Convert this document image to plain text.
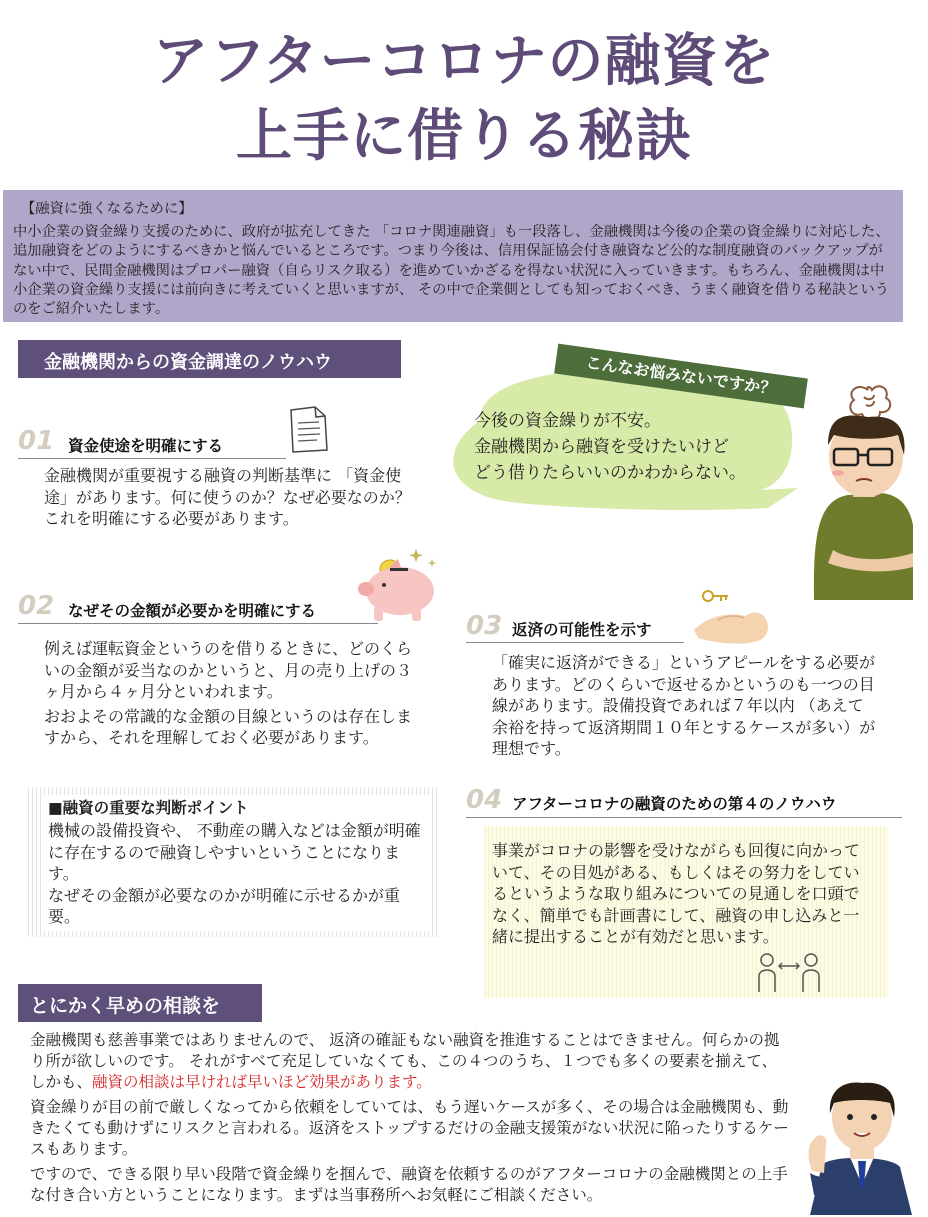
アフターコロナの融資を
上手に借りる秘訣
【融資に強くなるために】

中小企業の資金繰り支援のために、政府が拡充してきた 「コロナ関連融資」も一段落し、金融機関は今後の企業の資金繰りに対応した、追加融資をどのようにするべきかと悩んでいるところです。つまり今後は、信用保証協会付き融資など公的な制度融資のバックアップがない中で、民間金融機関はプロパー融資（自らリスク取る）を進めていかざるを得ない状況に入っていきます。もちろん、金融機関は中小企業の資金繰り支援には前向きに考えていくと思いますが、 その中で企業側としても知っておくべき、うまく融資を借りる秘訣というのをご紹介いたします。

金融機関からの資金調達のノウハウ	こんなお悩みないですか？
今後の資金繰りが不安。
金融機関から融資を受けたいけど
どう借りたらいいのかわからない。
01 資金使途を明確にする
金融機関が重要視する融資の判断基準に 「資金使途」があります。何に使うのか？なぜ必要なのか？これを明確にする必要があります。
02 なぜその金額が必要かを明確にする

例えば運転資金というのを借りるときに、どのくらいの金額が妥当なのかというと、月の売り上げの３ヶ月から４ヶ月分といわれます。

おおよその常識的な金額の目線というのは存在しますから、それを理解しておく必要があります。

03 返済の可能性を示す
「確実に返済ができる」というアピールをする必要があります。どのくらいで返せるかというのも一つの目線があります。設備投資であれば７年以内 （あえて余裕を持って返済期間１０年とするケースが多い）が理想です。
■融資の重要な判断ポイント

機械の設備投資や、 不動産の購入などは金額が明確に存在するので融資しやすいということになります。

なぜその金額が必要なのかが明確に示せるかが重要。

04 アフターコロナの融資のための第４のノウハウ
事業がコロナの影響を受けながらも回復に向かっていて、その目処がある、もしくはその努力をしているというような取り組みについての見通しを口頭でなく、簡単でも計画書にして、融資の申し込みと一緒に提出することが有効だと思います。
とにかく早めの相談を

金融機関も慈善事業ではありませんので、 返済の確証もない融資を推進することはできません。何らかの拠り所が欲しいのです。 それがすべて充足していなくても、この４つのうち、１つでも多くの要素を揃えて、しかも、融資の相談は早ければ早いほど効果があります。

資金繰りが目の前で厳しくなってから依頼をしていては、もう遅いケースが多く、その場合は金融機関も、動きたくても動けずにリスクと言われる。返済をストップするだけの金融支援策がない状況に陥ったりするケースもあります。

ですので、できる限り早い段階で資金繰りを掴んで、融資を依頼するのがアフターコロナの金融機関との上手な付き合い方ということになります。まずは当事務所へお気軽にご相談ください。
